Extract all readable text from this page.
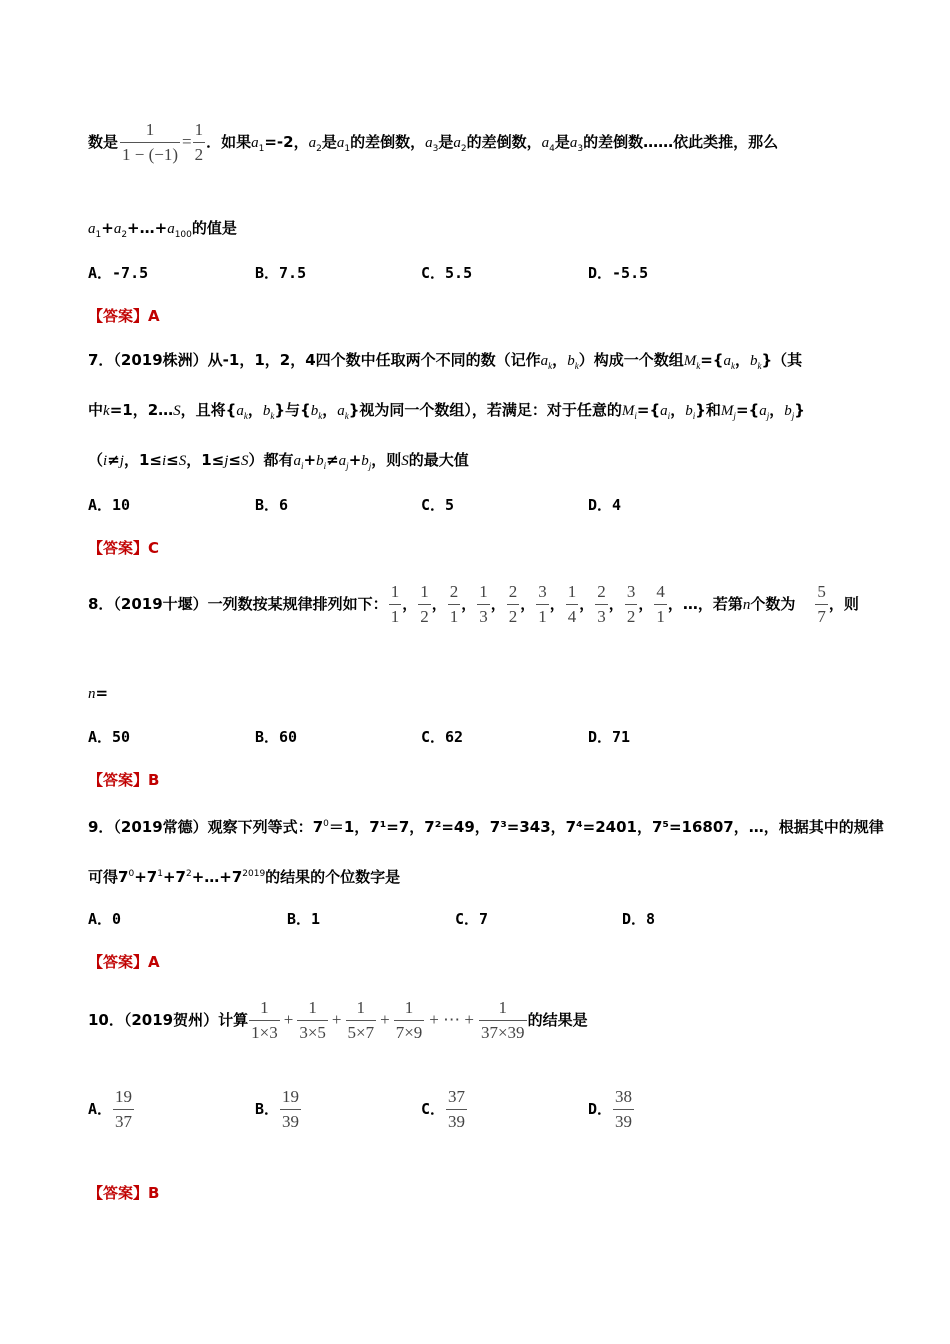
数是 $\frac{1}{1 - (-1)} = \frac{1}{2}$ ．如果$a_1=-2$，$a_2$是$a_1$的差倒数，$a_3$是$a_2$的差倒数，$a_4$是$a_3$的差倒数……依此类推，那么
$a_1+a_2+\dots+a_{100}$的值是
A．-7.5	B．7.5	C．5.5	D．-5.5
【答案】A
7．（2019株洲）从-1，1，2，4四个数中任取两个不同的数（记作$a_k$，$b_k$）构成一个数组$M_k=\{a_k$，$b_k$}（其
中k=1，2…S，且将{$a_k$，$b_k$}与{$b_k$，$a_k$}视为同一个数组），若满足：对于任意的$M_i=\{a_i$，$b_i$}和$M_j=\{a_j$，$b_j$}
（i≠j，1≤i≤S，1≤j≤S）都有$a_i+b_i\ne a_j+b_j$，则S的最大值
A．10	B．6	C．5	D．4
【答案】C
8．（2019十堰）一列数按某规律排列如下： $\frac{1}{1}$ ， $\frac{1}{2}$ ， $\frac{2}{1}$ ， $\frac{1}{3}$ ， $\frac{2}{2}$ ， $\frac{3}{1}$ ， $\frac{1}{4}$ ， $\frac{2}{3}$ ， $\frac{3}{2}$ ， $\frac{4}{1}$ ，…，若第n个数为 $\frac{5}{7}$ ，则
n=
A．50	B．60	C．62	D．71
【答案】B
9．（2019常德）观察下列等式：$7^0=1$，7¹=7，7²=49，7³=343，7⁴=2401，7⁵=16807，…，根据其中的规律
可得$7^0+7^1+7^2+\dots+7^{2019}$的结果的个位数字是
A．0	B．1	C．7	D．8
【答案】A
10．（2019贺州）计算 $\frac{1}{1\times 3} + \frac{1}{3\times 5} + \frac{1}{5\times 7} + \frac{1}{7\times 9}$ + ⋯ + $\frac{1}{37\times 39}$ 的结果是
A． $\frac{19}{37}$	B． $\frac{19}{39}$	C． $\frac{37}{39}$	D． $\frac{38}{39}$
【答案】B
